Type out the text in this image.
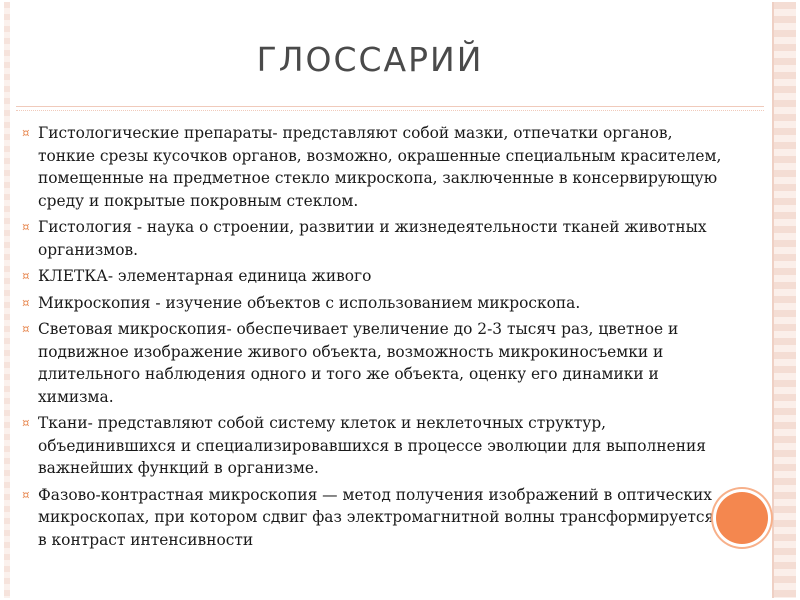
ГЛОССАРИЙ
¤ Гистологические препараты- представляют собой мазки, отпечатки органов, тонкие срезы кусочков органов, возможно, окрашенные специальным красителем, помещенные на предметное стекло микроскопа, заключенные в консервирующую среду и покрытые покровным стеклом.
¤ Гистология - наука о строении, развитии и жизнедеятельности тканей животных организмов.
¤ КЛЕТКА- элементарная единица живого
¤ Микроскопия - изучение объектов с использованием микроскопа.
¤ Световая микроскопия- обеспечивает увеличение до 2-3 тысяч раз, цветное и подвижное изображение живого объекта, возможность микрокиносъемки и длительного наблюдения одного и того же объекта, оценку его динамики и химизма.
¤ Ткани- представляют собой систему клеток и неклеточных структур, объединившихся и специализировавшихся в процессе эволюции для выполнения важнейших функций в организме.
¤ Фазово-контрастная микроскопия — метод получения изображений в оптических микроскопах, при котором сдвиг фаз электромагнитной волны трансформируется в контраст интенсивности
